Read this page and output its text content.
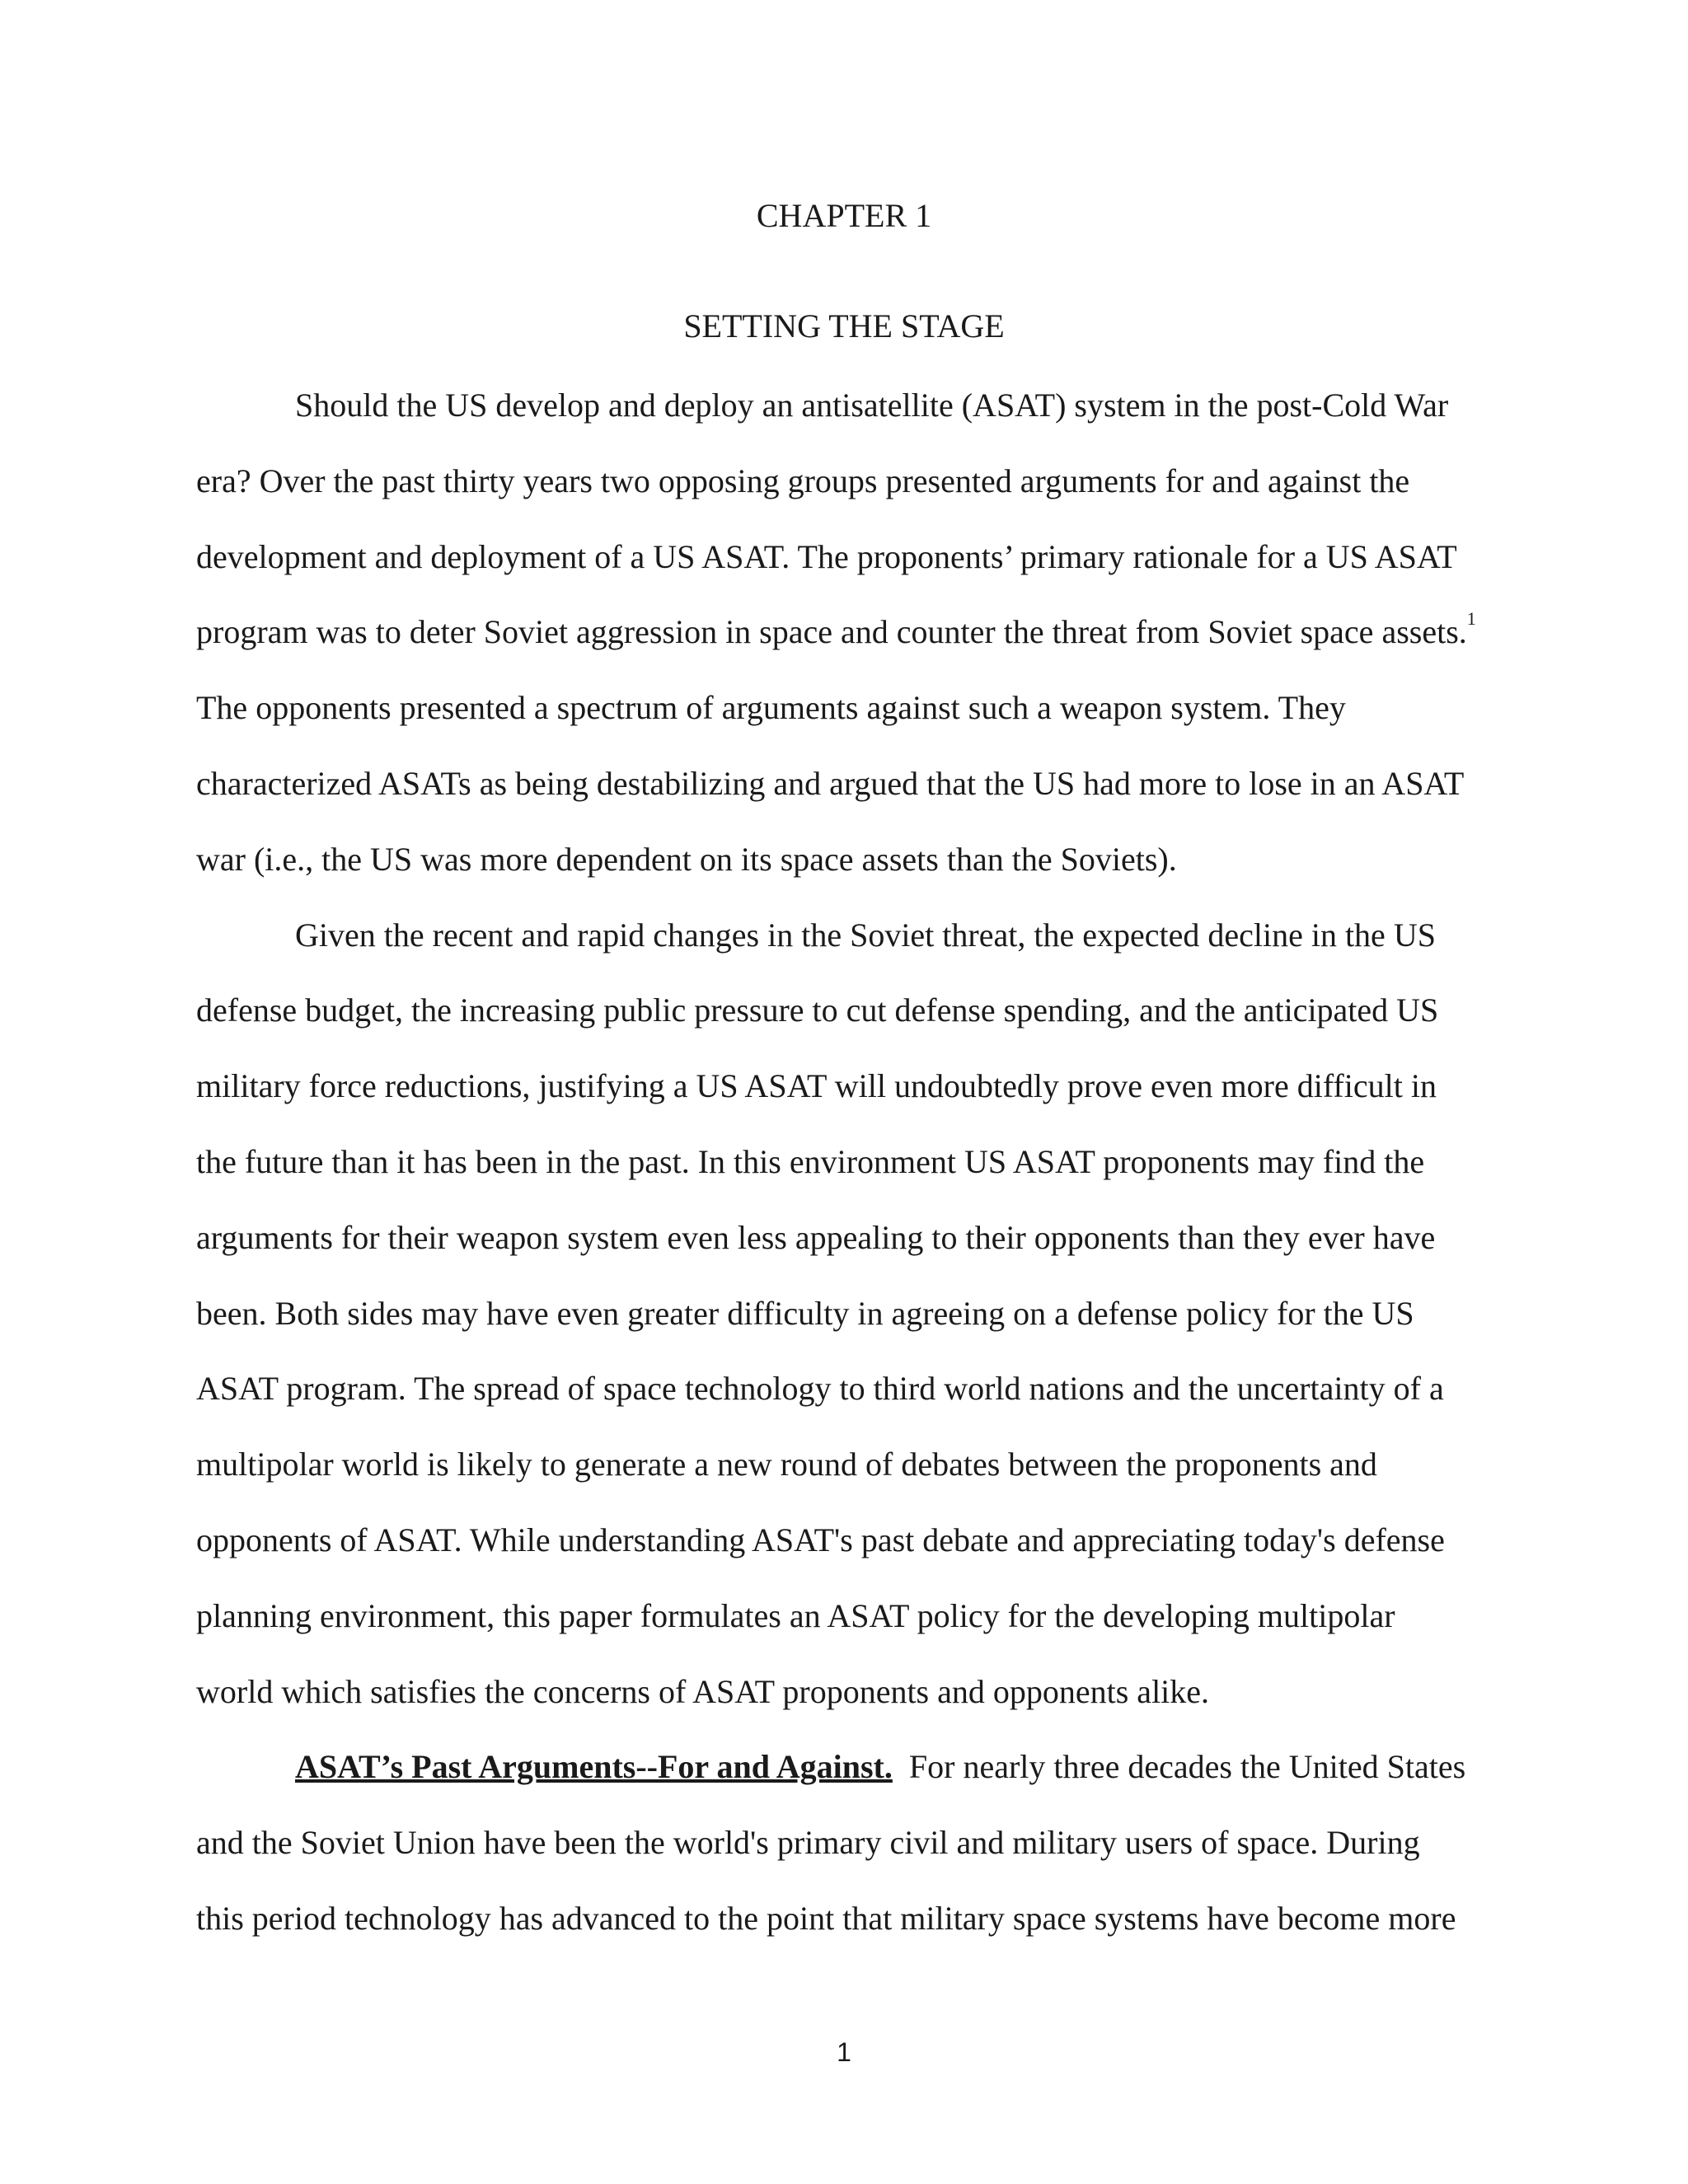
CHAPTER 1
SETTING THE STAGE
Should the US develop and deploy an antisatellite (ASAT) system in the post-Cold War
era? Over the past thirty years two opposing groups presented arguments for and against the
development and deployment of a US ASAT. The proponents’ primary rationale for a US ASAT
program was to deter Soviet aggression in space and counter the threat from Soviet space assets.$^1$
The opponents presented a spectrum of arguments against such a weapon system. They
characterized ASATs as being destabilizing and argued that the US had more to lose in an ASAT
war (i.e., the US was more dependent on its space assets than the Soviets).
Given the recent and rapid changes in the Soviet threat, the expected decline in the US
defense budget, the increasing public pressure to cut defense spending, and the anticipated US
military force reductions, justifying a US ASAT will undoubtedly prove even more difficult in
the future than it has been in the past. In this environment US ASAT proponents may find the
arguments for their weapon system even less appealing to their opponents than they ever have
been. Both sides may have even greater difficulty in agreeing on a defense policy for the US
ASAT program. The spread of space technology to third world nations and the uncertainty of a
multipolar world is likely to generate a new round of debates between the proponents and
opponents of ASAT. While understanding ASAT's past debate and appreciating today's defense
planning environment, this paper formulates an ASAT policy for the developing multipolar
world which satisfies the concerns of ASAT proponents and opponents alike.
ASAT’s Past Arguments--For and Against.  For nearly three decades the United States
and the Soviet Union have been the world's primary civil and military users of space. During
this period technology has advanced to the point that military space systems have become more
1
